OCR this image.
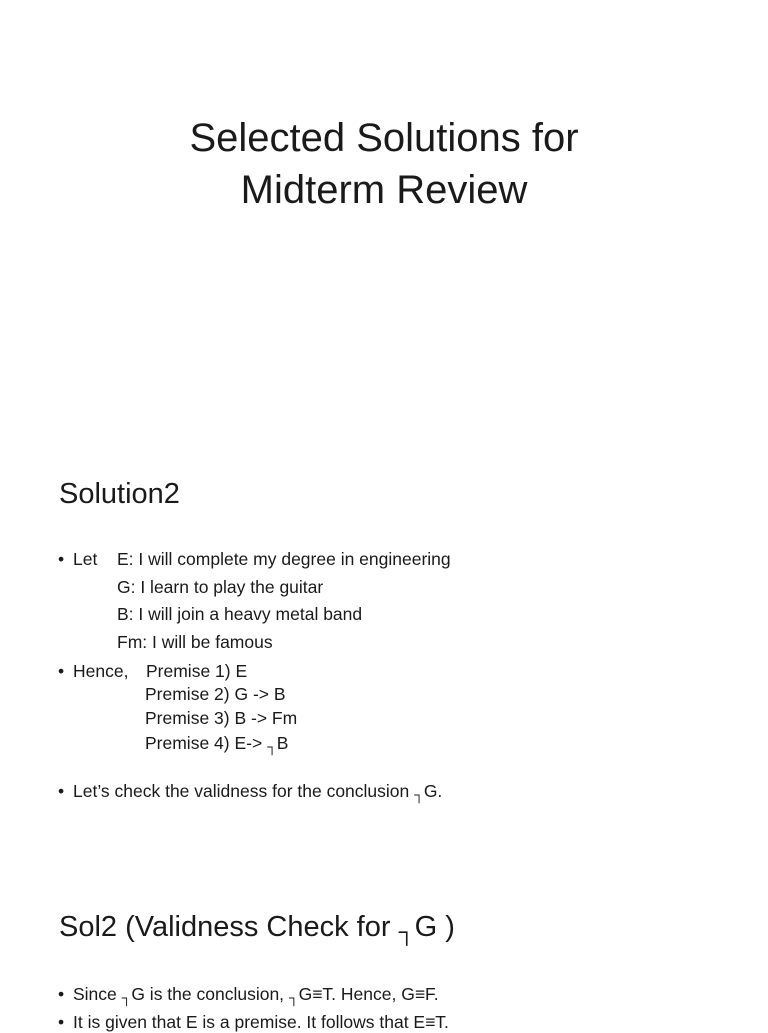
Selected Solutions for
Midterm Review
Solution2
• Let E: I will complete my degree in engineering
G: I learn to play the guitar
B: I will join a heavy metal band
Fm: I will be famous
• Hence, Premise 1) E
Premise 2) G -> B
Premise 3) B -> Fm
Premise 4) E-> ┐B
• Let’s check the validness for the conclusion ┐G.
Sol2 (Validness Check for ┐G )
• Since ┐G is the conclusion, ┐G≡T. Hence, G≡F.
• It is given that E is a premise. It follows that E≡T.
